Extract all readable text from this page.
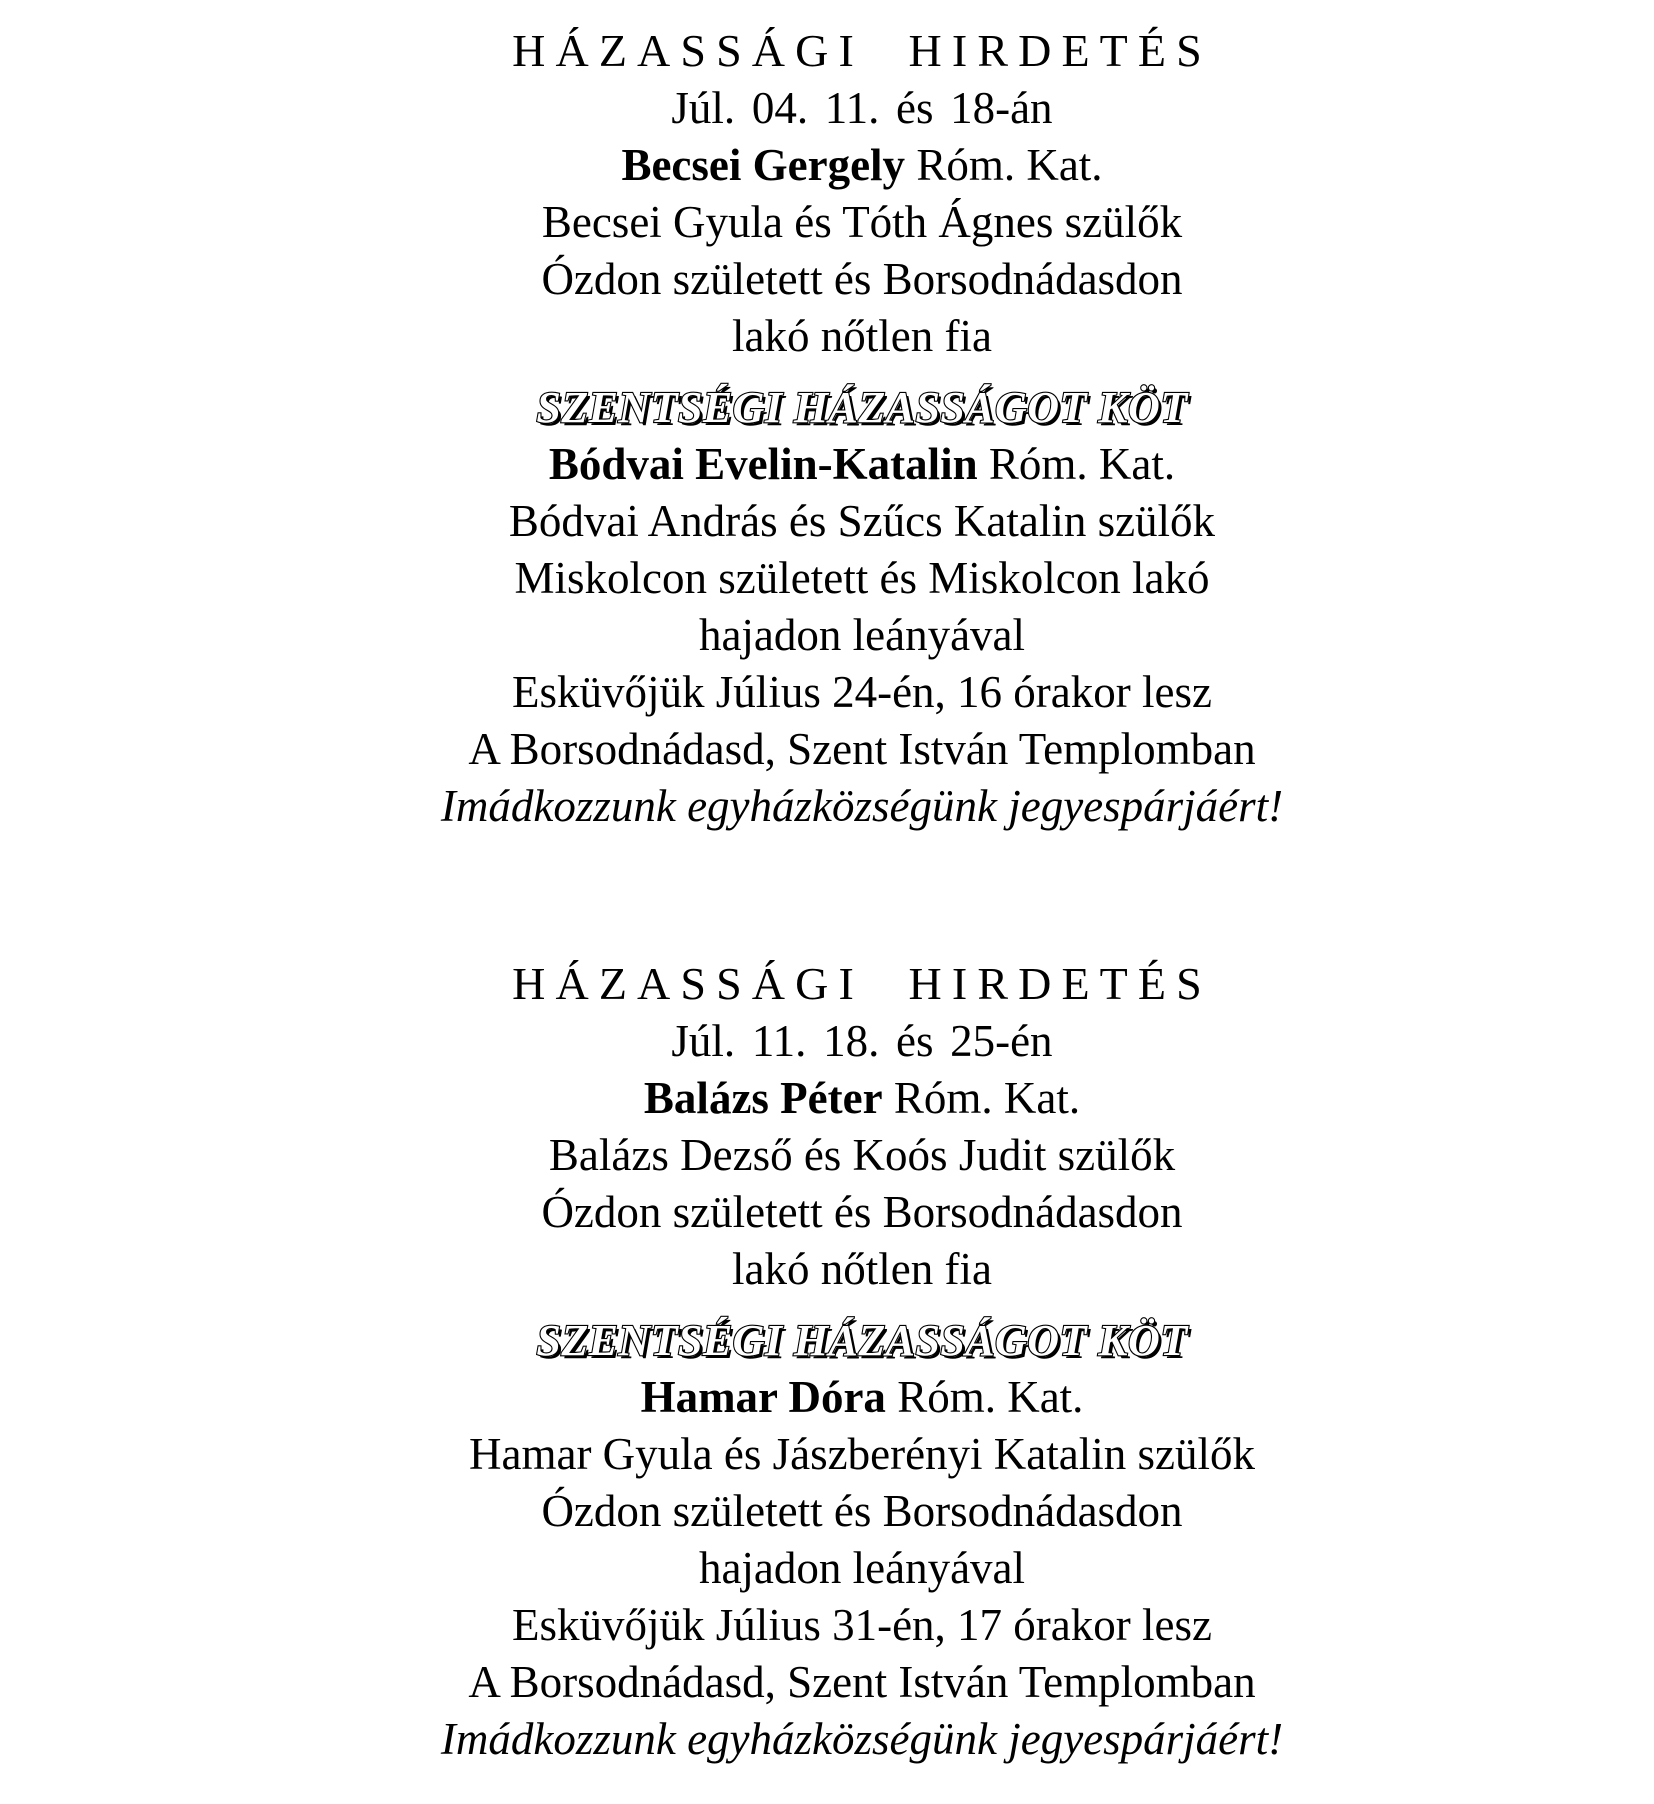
HÁZASSÁGI HIRDETÉS

Júl. 04. 11. és 18-án

Becsei Gergely Róm. Kat.

Becsei Gyula és Tóth Ágnes szülők

Ózdon született és Borsodnádasdon

lakó nőtlen fia

SZENTSÉGI HÁZASSÁGOT KÖT

Bódvai Evelin-Katalin Róm. Kat.

Bódvai András és Szűcs Katalin szülők

Miskolcon született és Miskolcon lakó

hajadon leányával

Esküvőjük Július 24-én, 16 órakor lesz

A Borsodnádasd, Szent István Templomban

Imádkozzunk egyházközségünk jegyespárjáért!

HÁZASSÁGI HIRDETÉS

Júl. 11. 18. és 25-én

Balázs Péter Róm. Kat.

Balázs Dezső és Koós Judit szülők

Ózdon született és Borsodnádasdon

lakó nőtlen fia

SZENTSÉGI HÁZASSÁGOT KÖT

Hamar Dóra Róm. Kat.

Hamar Gyula és Jászberényi Katalin szülők

Ózdon született és Borsodnádasdon

hajadon leányával

Esküvőjük Július 31-én, 17 órakor lesz

A Borsodnádasd, Szent István Templomban

Imádkozzunk egyházközségünk jegyespárjáért!
